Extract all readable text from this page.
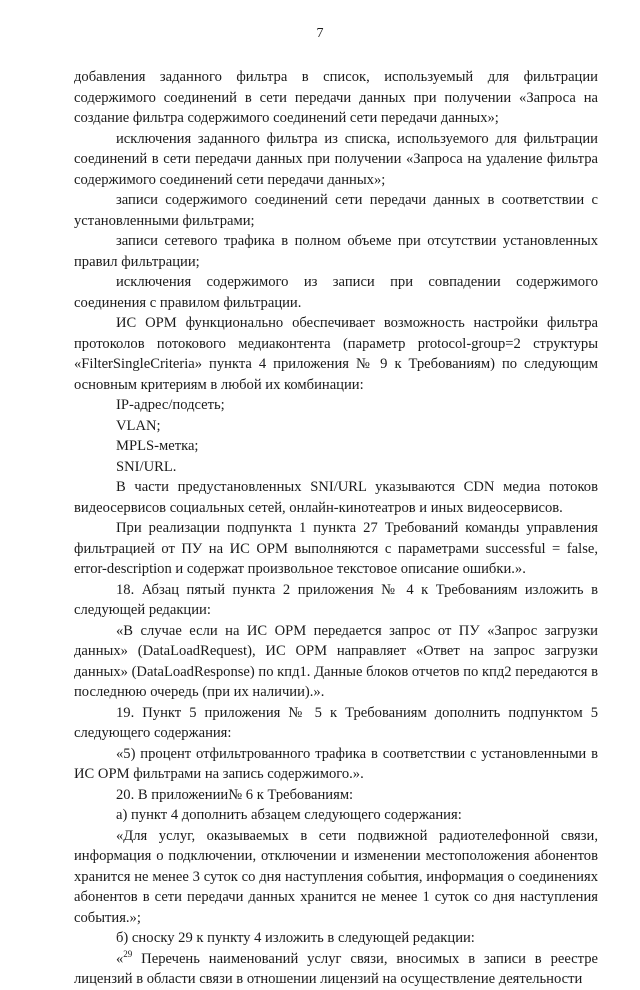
7

добавления заданного фильтра в список, используемый для фильтрации содержимого соединений в сети передачи данных при получении «Запроса на создание фильтра содержимого соединений сети передачи данных»;

исключения заданного фильтра из списка, используемого для фильтрации соединений в сети передачи данных при получении «Запроса на удаление фильтра содержимого соединений сети передачи данных»;

записи содержимого соединений сети передачи данных в соответствии с установленными фильтрами;

записи сетевого трафика в полном объеме при отсутствии установленных правил фильтрации;

исключения содержимого из записи при совпадении содержимого соединения с правилом фильтрации.

ИС ОРМ функционально обеспечивает возможность настройки фильтра протоколов потокового медиаконтента (параметр protocol-group=2 структуры «FilterSingleCriteria» пункта 4 приложения № 9 к Требованиям) по следующим основным критериям в любой их комбинации:

IP-адрес/подсеть;

VLAN;

MPLS-метка;

SNI/URL.

В части предустановленных SNI/URL указываются CDN медиа потоков видеосервисов социальных сетей, онлайн-кинотеатров и иных видеосервисов.

При реализации подпункта 1 пункта 27 Требований команды управления фильтрацией от ПУ на ИС ОРМ выполняются с параметрами successful = false, error-description и содержат произвольное текстовое описание ошибки.».

18. Абзац пятый пункта 2 приложения № 4 к Требованиям изложить в следующей редакции:

«В случае если на ИС ОРМ передается запрос от ПУ «Запрос загрузки данных» (DataLoadRequest), ИС ОРМ направляет «Ответ на запрос загрузки данных» (DataLoadResponse) по кпд1. Данные блоков отчетов по кпд2 передаются в последнюю очередь (при их наличии).».

19. Пункт 5 приложения № 5 к Требованиям дополнить подпунктом 5 следующего содержания:

«5) процент отфильтрованного трафика в соответствии с установленными в ИС ОРМ фильтрами на запись содержимого.».

20. В приложении№ 6 к Требованиям:

а) пункт 4 дополнить абзацем следующего содержания:

«Для услуг, оказываемых в сети подвижной радиотелефонной связи, информация о подключении, отключении и изменении местоположения абонентов хранится не менее 3 суток со дня наступления события, информация о соединениях абонентов в сети передачи данных хранится не менее 1 суток со дня наступления события.»;

б) сноску 29 к пункту 4 изложить в следующей редакции:

«$^{29}$ Перечень наименований услуг связи, вносимых в записи в реестре лицензий в области связи в отношении лицензий на осуществление деятельности
